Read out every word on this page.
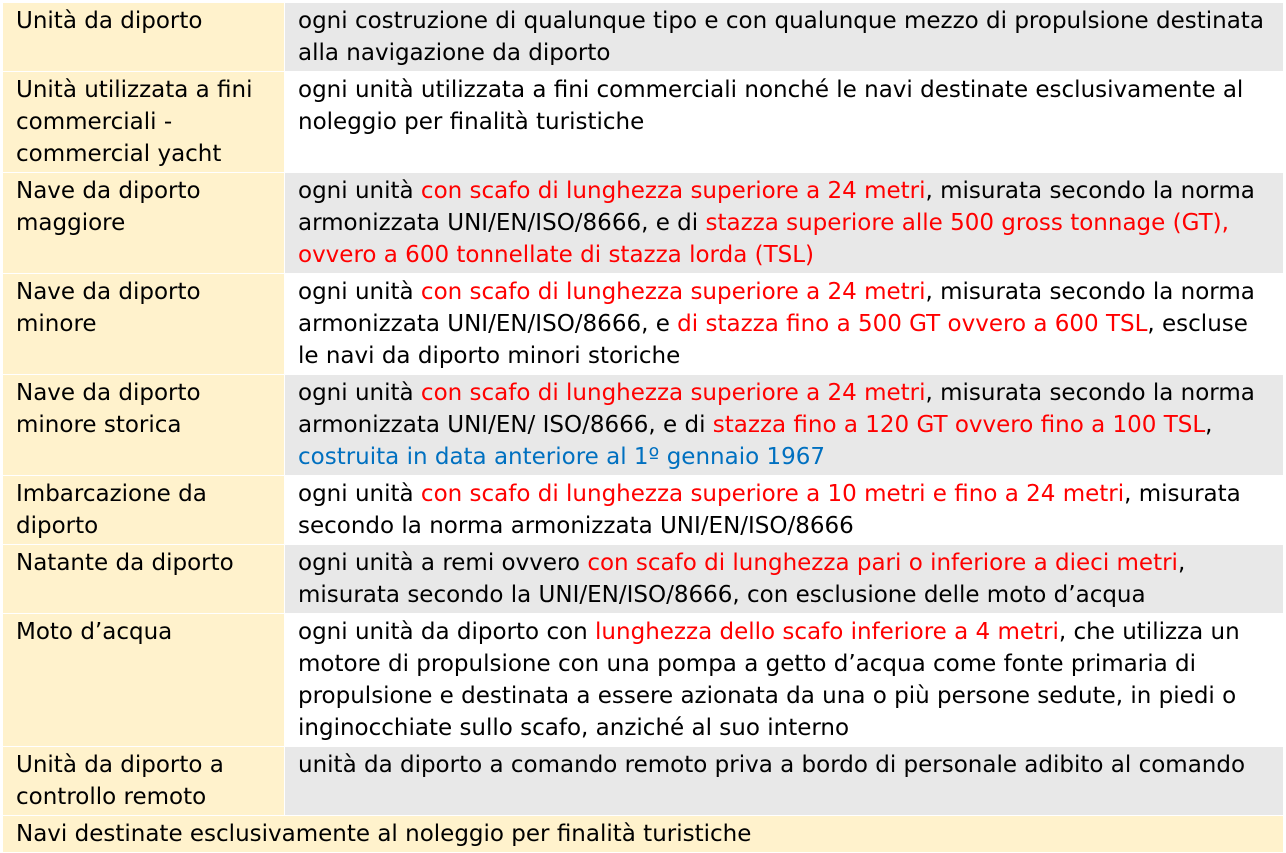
Unità da diporto	ogni costruzione di qualunque tipo e con qualunque mezzo di propulsione destinata alla navigazione da diporto
Unità utilizzata a fini commerciali - commercial yacht	ogni unità utilizzata a fini commerciali nonché le navi destinate esclusivamente al noleggio per finalità turistiche
Nave da diporto maggiore	ogni unità con scafo di lunghezza superiore a 24 metri, misurata secondo la norma armonizzata UNI/EN/ISO/8666, e di stazza superiore alle 500 gross tonnage (GT), ovvero a 600 tonnellate di stazza lorda (TSL)
Nave da diporto minore	ogni unità con scafo di lunghezza superiore a 24 metri, misurata secondo la norma armonizzata UNI/EN/ISO/8666, e di stazza fino a 500 GT ovvero a 600 TSL, escluse le navi da diporto minori storiche
Nave da diporto minore storica	ogni unità con scafo di lunghezza superiore a 24 metri, misurata secondo la norma armonizzata UNI/EN/ ISO/8666, e di stazza fino a 120 GT ovvero fino a 100 TSL, costruita in data anteriore al 1º gennaio 1967
Imbarcazione da diporto	ogni unità con scafo di lunghezza superiore a 10 metri e fino a 24 metri, misurata secondo la norma armonizzata UNI/EN/ISO/8666
Natante da diporto	ogni unità a remi ovvero con scafo di lunghezza pari o inferiore a dieci metri, misurata secondo la UNI/EN/ISO/8666, con esclusione delle moto d’acqua
Moto d’acqua	ogni unità da diporto con lunghezza dello scafo inferiore a 4 metri, che utilizza un motore di propulsione con una pompa a getto d’acqua come fonte primaria di propulsione e destinata a essere azionata da una o più persone sedute, in piedi o inginocchiate sullo scafo, anziché al suo interno
Unità da diporto a controllo remoto	unità da diporto a comando remoto priva a bordo di personale adibito al comando
Navi destinate esclusivamente al noleggio per finalità turistiche	
